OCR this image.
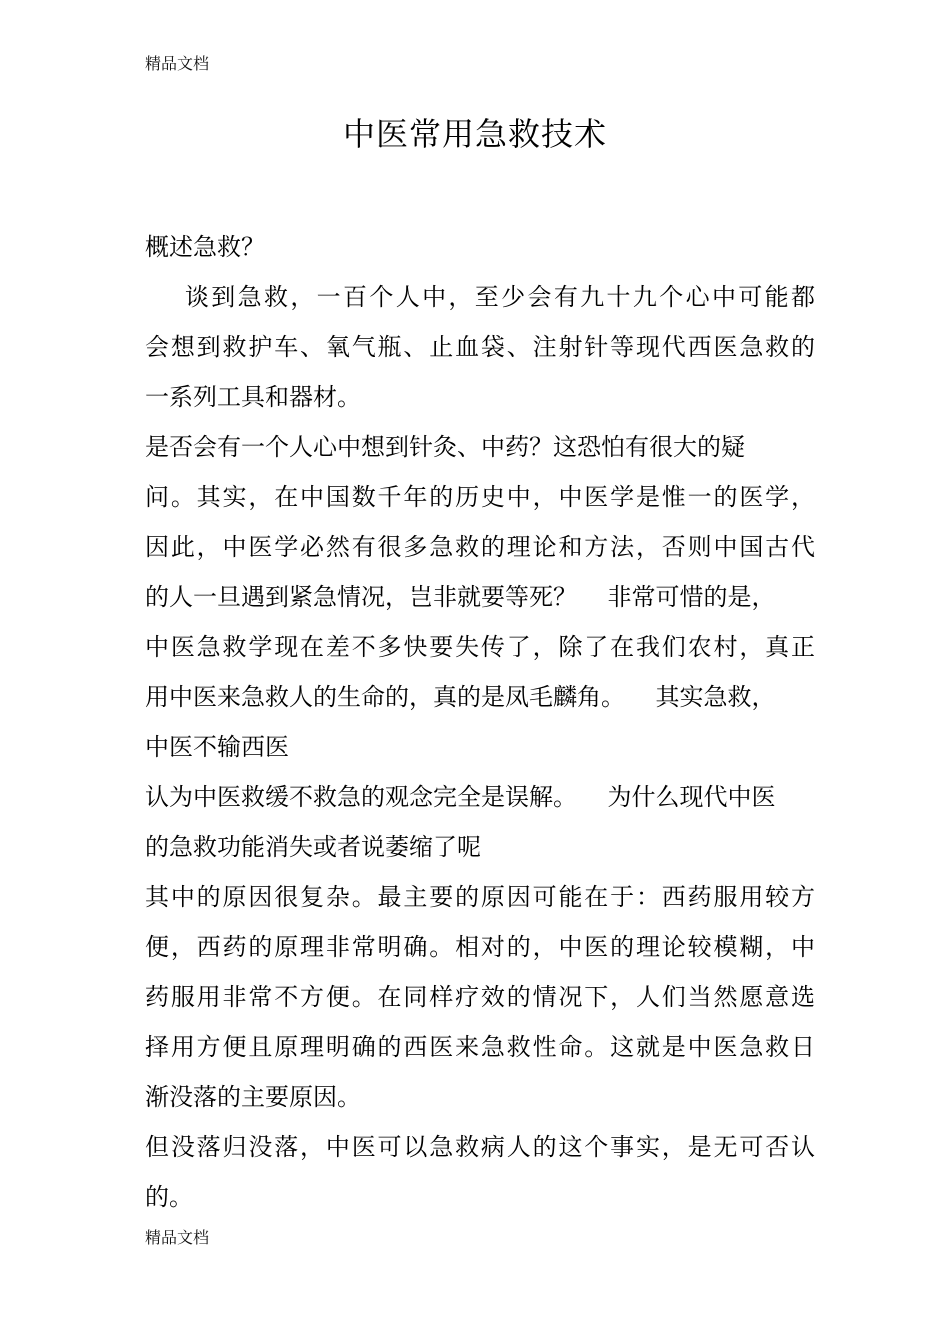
精品文档
中医常用急救技术
概述急救？
谈到急救，一百个人中，至少会有九十九个心中可能都
会想到救护车、氧气瓶、止血袋、注射针等现代西医急救的
一系列工具和器材。
是否会有一个人心中想到针灸、中药？这恐怕有很大的疑
问。其实，在中国数千年的历史中，中医学是惟一的医学，
因此，中医学必然有很多急救的理论和方法，否则中国古代
的人一旦遇到紧急情况，岂非就要等死？    非常可惜的是，
中医急救学现在差不多快要失传了，除了在我们农村，真正
用中医来急救人的生命的，真的是凤毛麟角。    其实急救，
中医不输西医
认为中医救缓不救急的观念完全是误解。    为什么现代中医
的急救功能消失或者说萎缩了呢
其中的原因很复杂。最主要的原因可能在于：西药服用较方
便，西药的原理非常明确。相对的，中医的理论较模糊，中
药服用非常不方便。在同样疗效的情况下，人们当然愿意选
择用方便且原理明确的西医来急救性命。这就是中医急救日
渐没落的主要原因。
但没落归没落，中医可以急救病人的这个事实，是无可否认
的。
精品文档
